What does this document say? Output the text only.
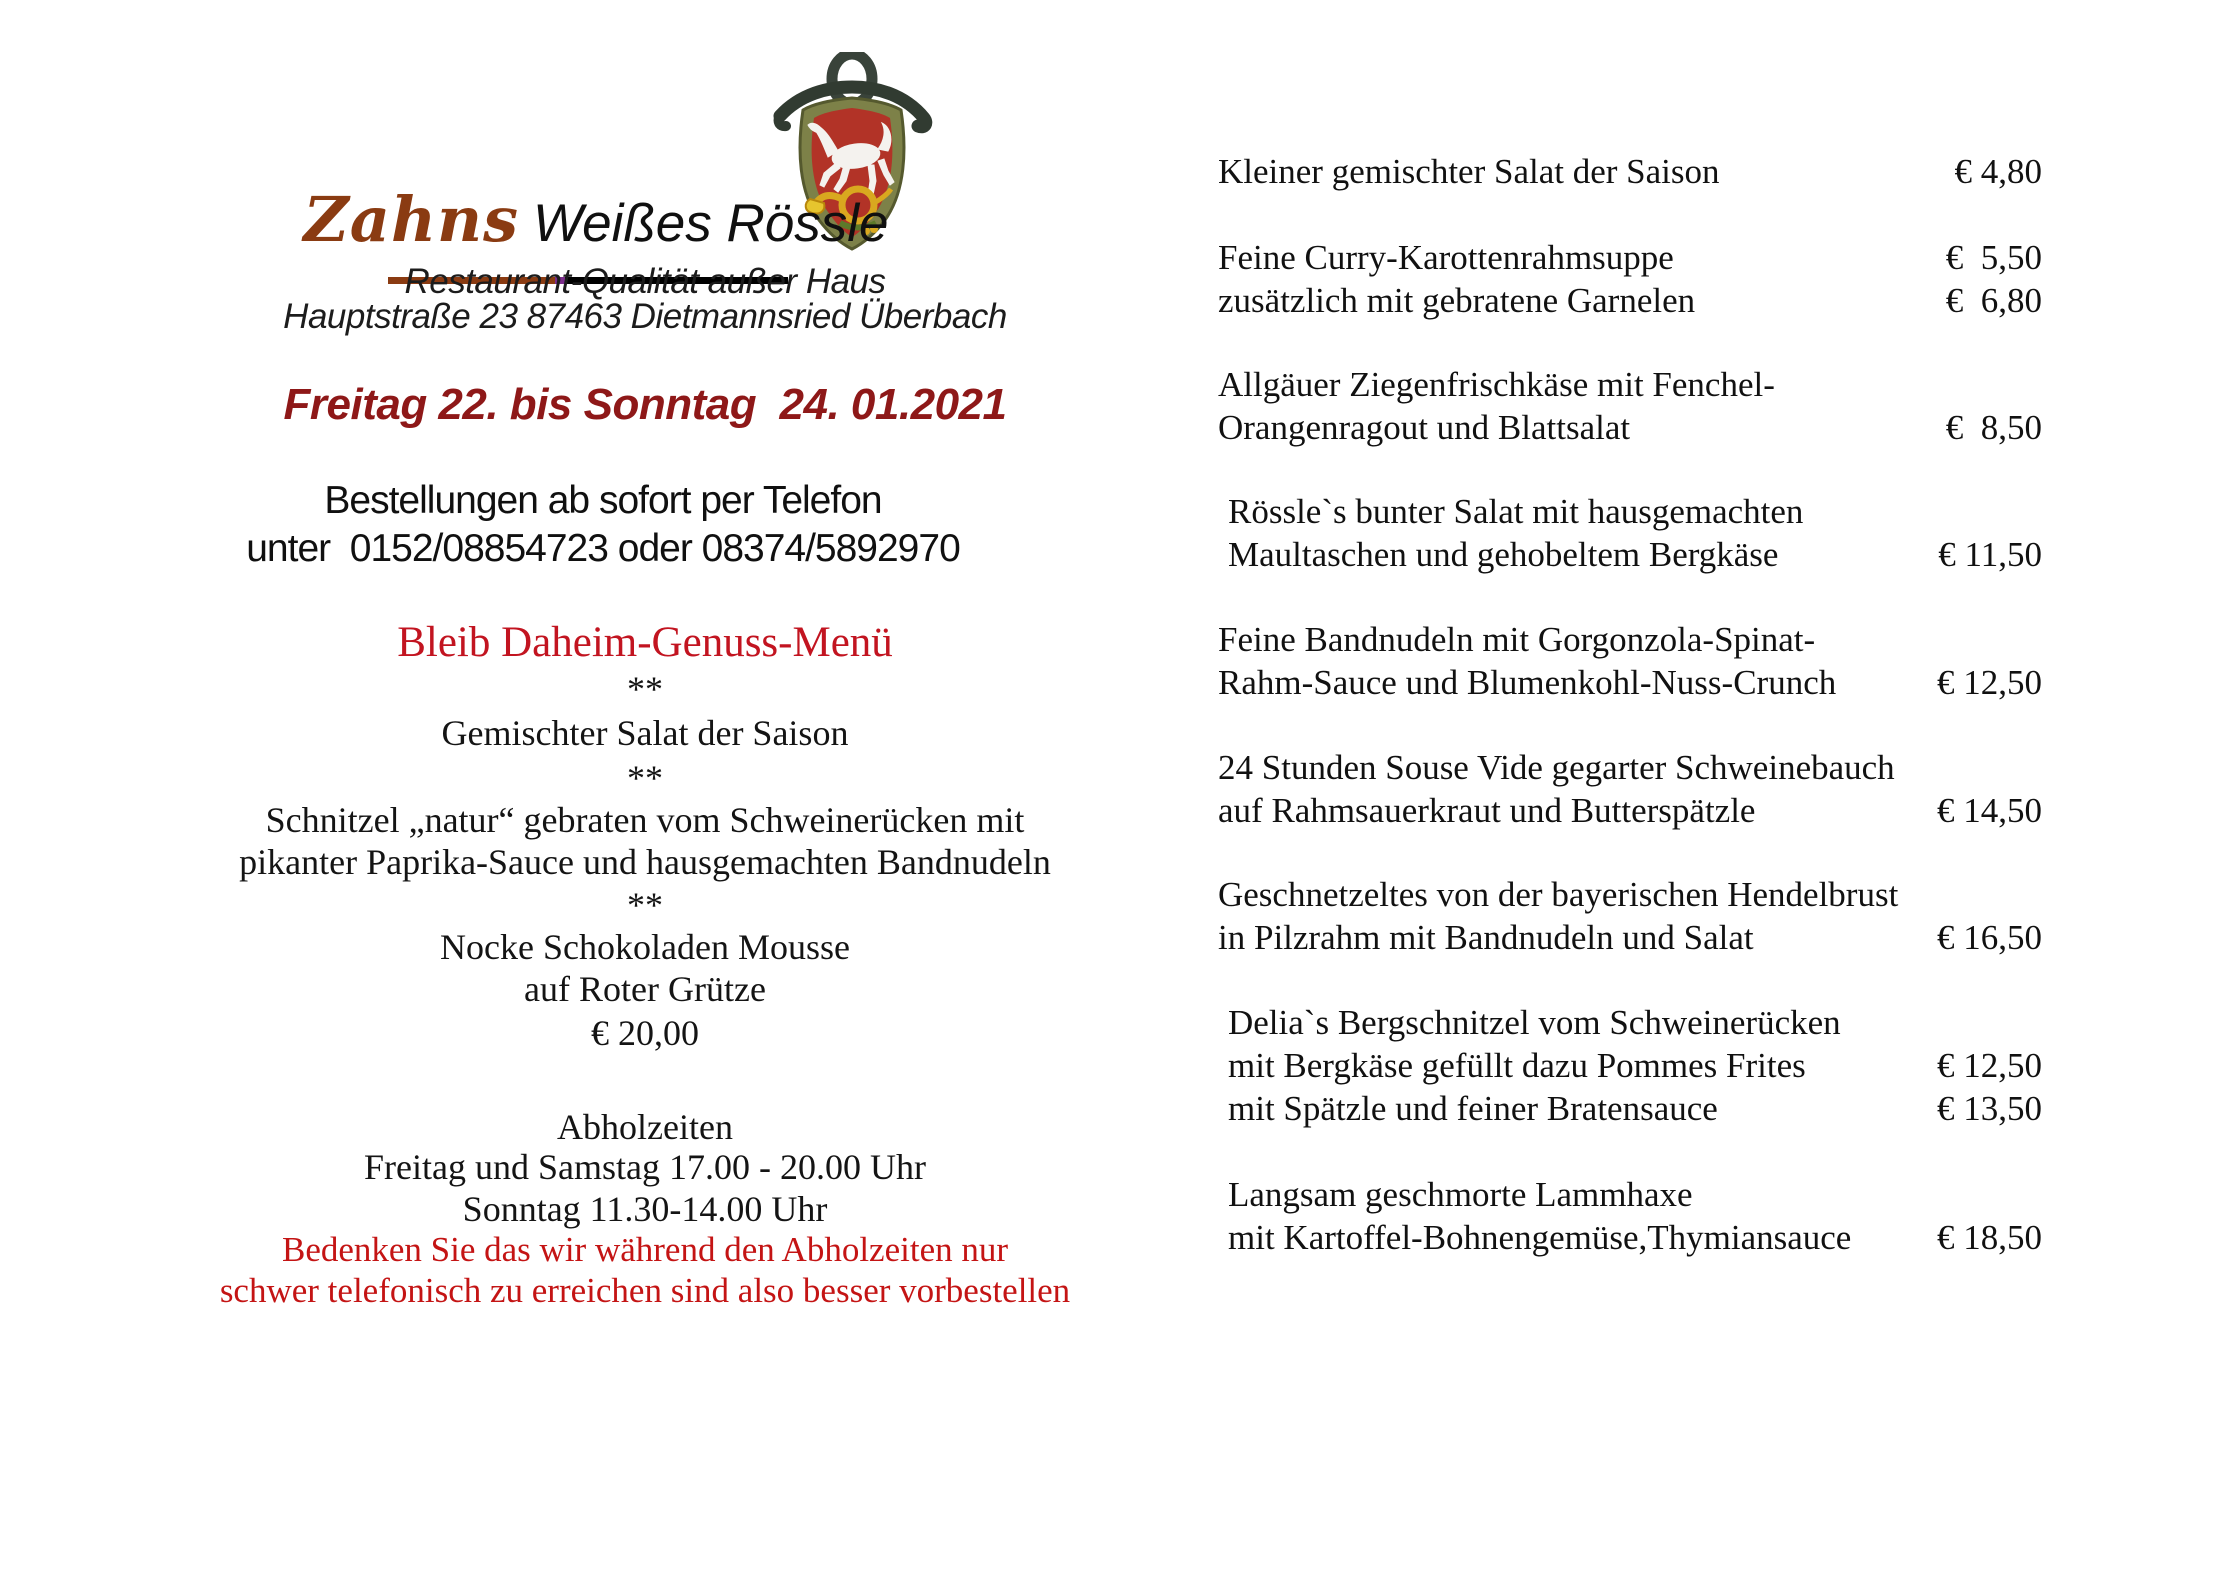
Zahns Weißes Rössle

Restaurant-Qualität außer Haus
Hauptstraße 23 87463 Dietmannsried Überbach
Freitag 22. bis Sonntag  24. 01.2021
Bestellungen ab sofort per Telefon
unter  0152/08854723 oder 08374/5892970
Bleib Daheim-Genuss-Menü
**
Gemischter Salat der Saison
**
Schnitzel „natur“ gebraten vom Schweinerücken mit
pikanter Paprika-Sauce und hausgemachten Bandnudeln
**
Nocke Schokoladen Mousse
auf Roter Grütze
€ 20,00
Abholzeiten
Freitag und Samstag 17.00 - 20.00 Uhr
Sonntag 11.30-14.00 Uhr
Bedenken Sie das wir während den Abholzeiten nur
schwer telefonisch zu erreichen sind also besser vorbestellen
Kleiner gemischter Salat der Saison	€ 4,80
Feine Curry-Karottenrahmsuppe	€  5,50
zusätzlich mit gebratene Garnelen	€  6,80
Allgäuer Ziegenfrischkäse mit Fenchel-
Orangenragout und Blattsalat	€  8,50
Rössle`s bunter Salat mit hausgemachten
Maultaschen und gehobeltem Bergkäse	€ 11,50
Feine Bandnudeln mit Gorgonzola-Spinat-
Rahm-Sauce und Blumenkohl-Nuss-Crunch	€ 12,50
24 Stunden Souse Vide gegarter Schweinebauch
auf Rahmsauerkraut und Butterspätzle	€ 14,50
Geschnetzeltes von der bayerischen Hendelbrust
in Pilzrahm mit Bandnudeln und Salat	€ 16,50
Delia`s Bergschnitzel vom Schweinerücken
mit Bergkäse gefüllt dazu Pommes Frites	€ 12,50
mit Spätzle und feiner Bratensauce	€ 13,50
Langsam geschmorte Lammhaxe
mit Kartoffel-Bohnengemüse,Thymiansauce € 18,50
